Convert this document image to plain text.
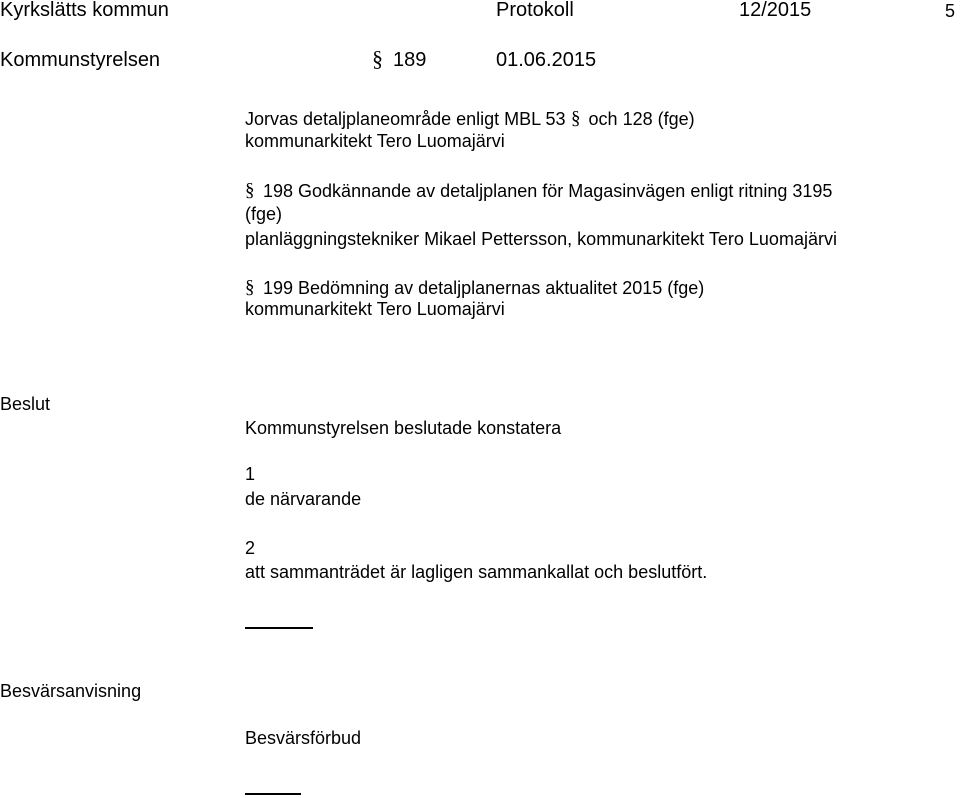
Kyrkslätts kommun	Protokoll	12/2015	5
Kommunstyrelsen	§ 189	01.06.2015
Jorvas detaljplaneområde enligt MBL 53 § och 128 (fge)
kommunarkitekt Tero Luomajärvi
§ 198 Godkännande av detaljplanen för Magasinvägen enligt ritning 3195
(fge)
planläggningstekniker Mikael Pettersson, kommunarkitekt Tero Luomajärvi
§ 199 Bedömning av detaljplanernas aktualitet 2015 (fge)
kommunarkitekt Tero Luomajärvi
Beslut
Kommunstyrelsen beslutade konstatera
1
de närvarande
2
att sammanträdet är lagligen sammankallat och beslutfört.
Besvärsanvisning
Besvärsförbud
